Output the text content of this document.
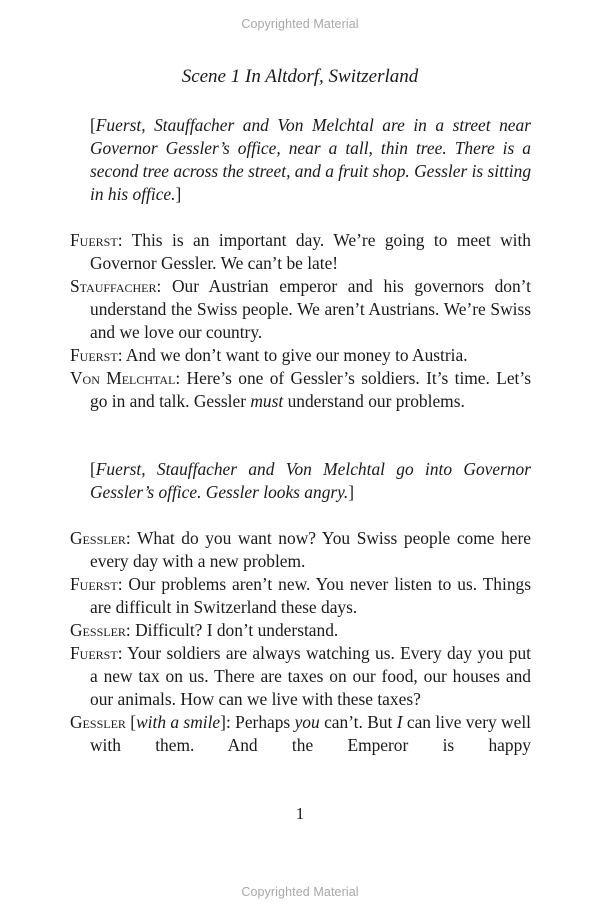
Copyrighted Material
Scene 1 In Altdorf, Switzerland
[Fuerst, Stauffacher and Von Melchtal are in a street near Governor Gessler’s office, near a tall, thin tree. There is a second tree across the street, and a fruit shop. Gessler is sitting in his office.]

Fuerst: This is an important day. We’re going to meet with Governor Gessler. We can’t be late!

Stauffacher: Our Austrian emperor and his governors don’t understand the Swiss people. We aren’t Austrians. We’re Swiss and we love our country.

Fuerst: And we don’t want to give our money to Austria.

Von Melchtal: Here’s one of Gessler’s soldiers. It’s time. Let’s go in and talk. Gessler must understand our problems.

[Fuerst, Stauffacher and Von Melchtal go into Governor Gessler’s office. Gessler looks angry.]

Gessler: What do you want now? You Swiss people come here every day with a new problem.

Fuerst: Our problems aren’t new. You never listen to us. Things are difficult in Switzerland these days.

Gessler: Difficult? I don’t understand.

Fuerst: Your soldiers are always watching us. Every day you put a new tax on us. There are taxes on our food, our houses and our animals. How can we live with these taxes?

Gessler [with a smile]: Perhaps you can’t. But I can live very well with them. And the Emperor is happy

1
Copyrighted Material
